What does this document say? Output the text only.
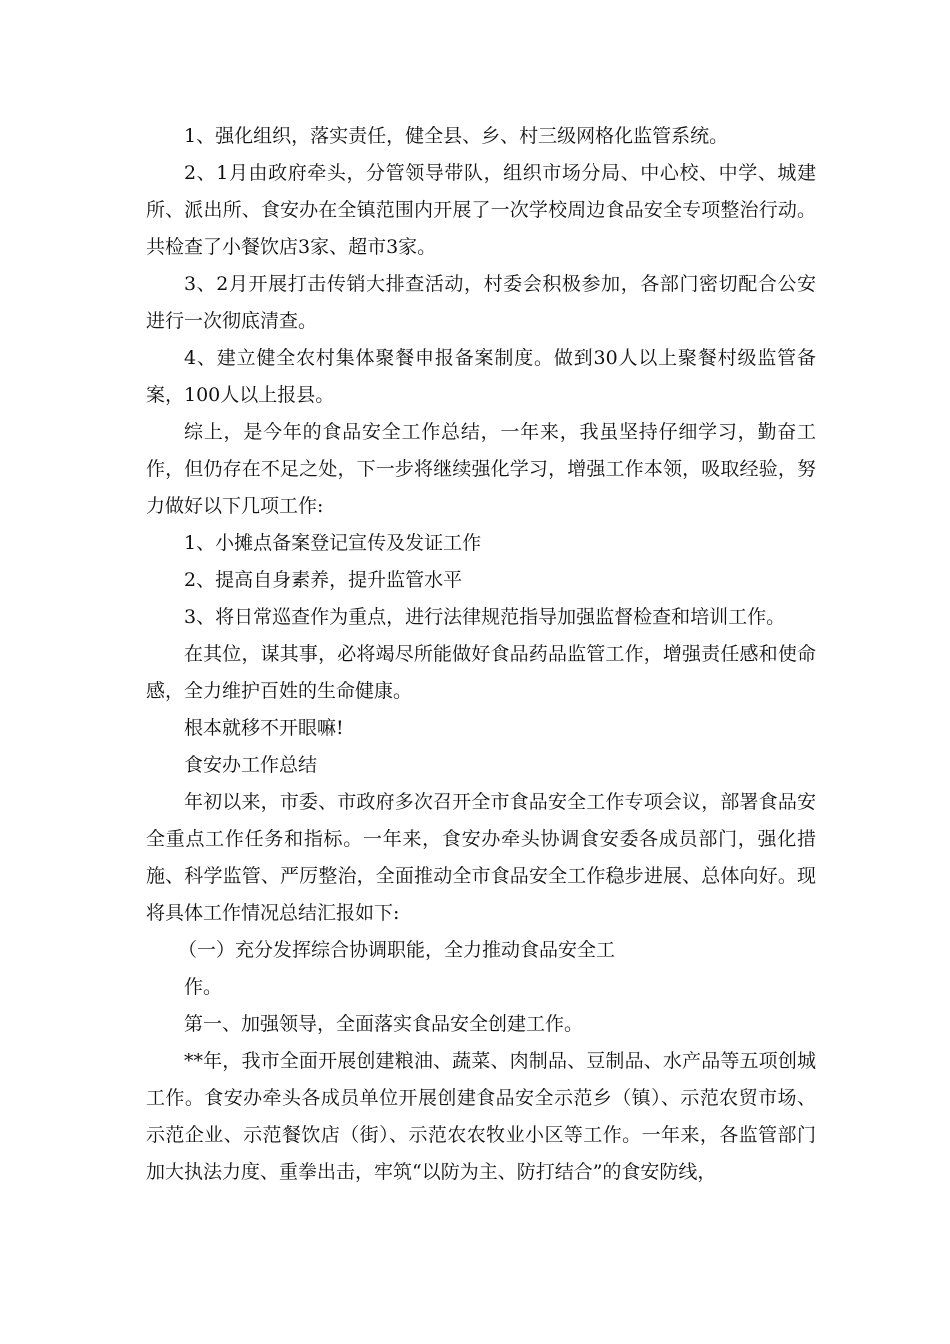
1、强化组织，落实责任，健全县、乡、村三级网格化监管系统。

2、1月由政府牵头，分管领导带队，组织市场分局、中心校、中学、城建所、派出所、食安办在全镇范围内开展了一次学校周边食品安全专项整治行动。共检查了小餐饮店3家、超市3家。

3、2月开展打击传销大排查活动，村委会积极参加，各部门密切配合公安进行一次彻底清查。

4、建立健全农村集体聚餐申报备案制度。做到30人以上聚餐村级监管备案，100人以上报县。

综上，是今年的食品安全工作总结，一年来，我虽坚持仔细学习，勤奋工作，但仍存在不足之处，下一步将继续强化学习，增强工作本领，吸取经验，努力做好以下几项工作:

1、小摊点备案登记宣传及发证工作

2、提高自身素养，提升监管水平

3、将日常巡查作为重点，进行法律规范指导加强监督检查和培训工作。

在其位，谋其事，必将竭尽所能做好食品药品监管工作，增强责任感和使命感，全力维护百姓的生命健康。

根本就移不开眼嘛!

食安办工作总结

年初以来，市委、市政府多次召开全市食品安全工作专项会议，部署食品安全重点工作任务和指标。一年来，食安办牵头协调食安委各成员部门，强化措施、科学监管、严厉整治，全面推动全市食品安全工作稳步进展、总体向好。现将具体工作情况总结汇报如下:

（一）充分发挥综合协调职能，全力推动食品安全工

作。

第一、加强领导，全面落实食品安全创建工作。

**年，我市全面开展创建粮油、蔬菜、肉制品、豆制品、水产品等五项创城工作。食安办牵头各成员单位开展创建食品安全示范乡（镇）、示范农贸市场、示范企业、示范餐饮店（街）、示范农农牧业小区等工作。一年来，各监管部门加大执法力度、重拳出击，牢筑“以防为主、防打结合”的食安防线，
